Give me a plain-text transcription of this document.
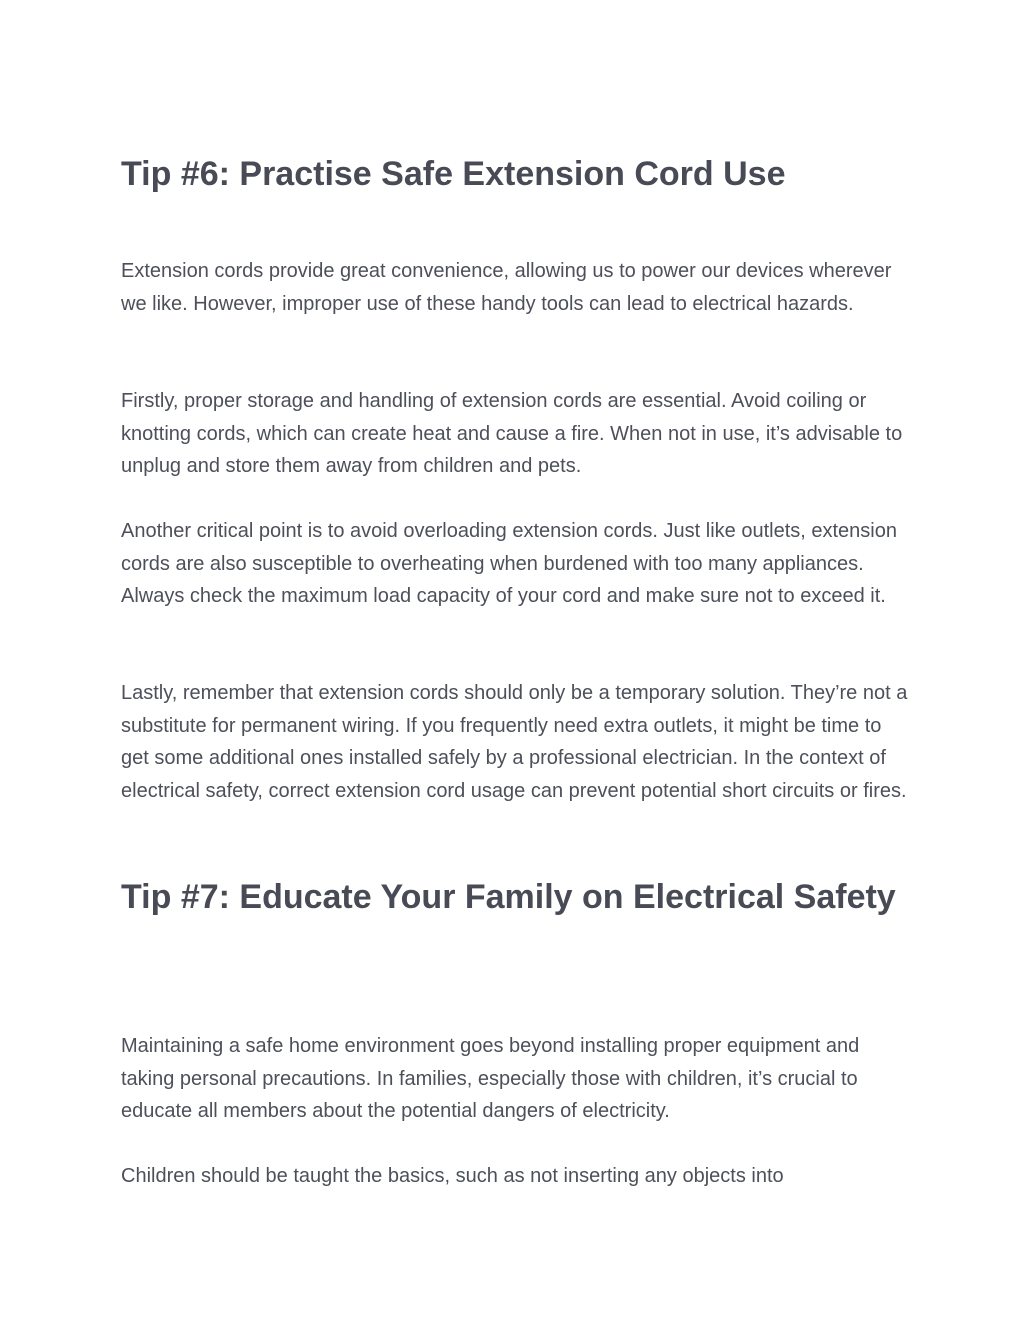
Tip #6: Practise Safe Extension Cord Use

Extension cords provide great convenience, allowing us to power our devices wherever we like. However, improper use of these handy tools can lead to electrical hazards.

Firstly, proper storage and handling of extension cords are essential. Avoid coiling or knotting cords, which can create heat and cause a fire. When not in use, it’s advisable to unplug and store them away from children and pets.

Another critical point is to avoid overloading extension cords. Just like outlets, extension cords are also susceptible to overheating when burdened with too many appliances. Always check the maximum load capacity of your cord and make sure not to exceed it.

Lastly, remember that extension cords should only be a temporary solution. They’re not a substitute for permanent wiring. If you frequently need extra outlets, it might be time to get some additional ones installed safely by a professional electrician. In the context of electrical safety, correct extension cord usage can prevent potential short circuits or fires.

Tip #7: Educate Your Family on Electrical Safety

Maintaining a safe home environment goes beyond installing proper equipment and taking personal precautions. In families, especially those with children, it’s crucial to educate all members about the potential dangers of electricity.

Children should be taught the basics, such as not inserting any objects into
